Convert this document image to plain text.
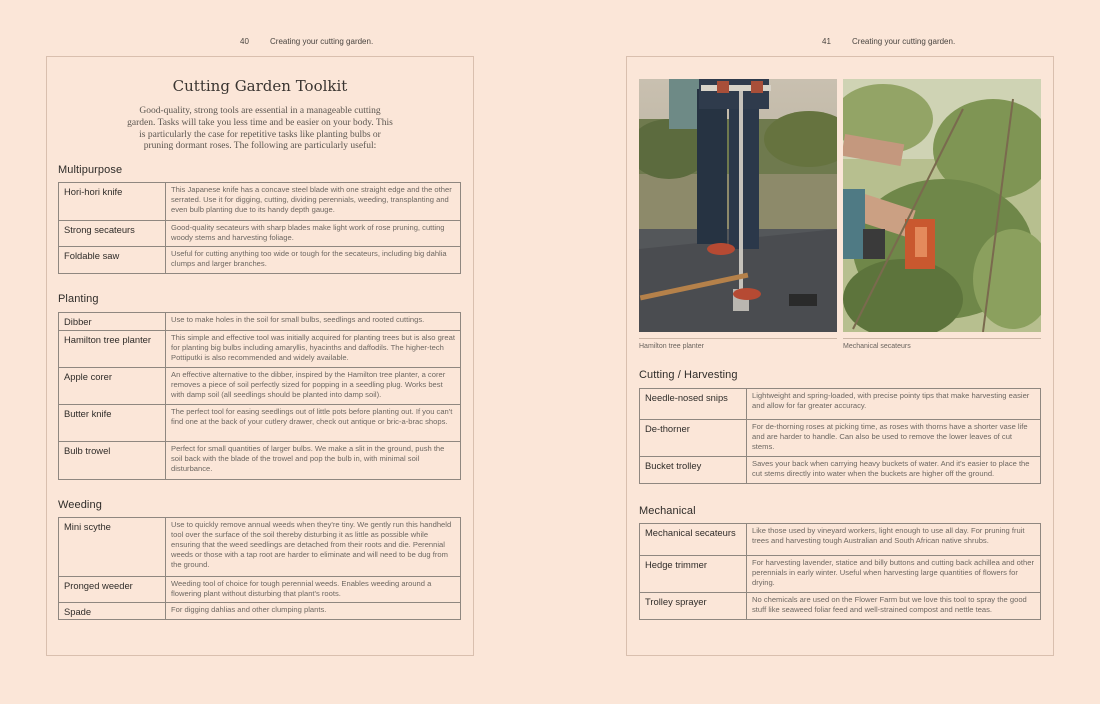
40	Creating your cutting garden.	41	Creating your cutting garden.
Cutting Garden Toolkit

Good-quality, strong tools are essential in a manageable cutting garden. Tasks will take you less time and be easier on your body. This is particularly the case for repetitive tasks like planting bulbs or pruning dormant roses. The following are particularly useful:

Multipurpose
Hori-hori knife	This Japanese knife has a concave steel blade with one straight edge and the other serrated. Use it for digging, cutting, dividing perennials, weeding, transplanting and even bulb planting due to its handy depth gauge.
Strong secateurs	Good-quality secateurs with sharp blades make light work of rose pruning, cutting woody stems and harvesting foliage.
Foldable saw	Useful for cutting anything too wide or tough for the secateurs, including big dahlia clumps and larger branches.
Planting
Dibber	Use to make holes in the soil for small bulbs, seedlings and rooted cuttings.
Hamilton tree planter	This simple and effective tool was initially acquired for planting trees but is also great for planting big bulbs including amaryllis, hyacinths and daffodils. The higher-tech Pottiputki is also recommended and widely available.
Apple corer	An effective alternative to the dibber, inspired by the Hamilton tree planter, a corer removes a piece of soil perfectly sized for popping in a seedling plug. Works best with damp soil (all seedlings should be planted into damp soil).
Butter knife	The perfect tool for easing seedlings out of little pots before planting out. If you can't find one at the back of your cutlery drawer, check out antique or bric-a-brac shops.
Bulb trowel	Perfect for small quantities of larger bulbs. We make a slit in the ground, push the soil back with the blade of the trowel and pop the bulb in, with minimal soil disturbance.
Weeding
Mini scythe	Use to quickly remove annual weeds when they're tiny. We gently run this handheld tool over the surface of the soil thereby disturbing it as little as possible while ensuring that the weed seedlings are detached from their roots and die. Perennial weeds or those with a tap root are harder to eliminate and will need to be dug from the ground.
Pronged weeder	Weeding tool of choice for tough perennial weeds. Enables weeding around a flowering plant without disturbing that plant's roots.
Spade	For digging dahlias and other clumping plants.
Hamilton tree planter	Mechanical secateurs
Cutting / Harvesting
Needle-nosed snips	Lightweight and spring-loaded, with precise pointy tips that make harvesting easier and allow for far greater accuracy.
De-thorner	For de-thorning roses at picking time, as roses with thorns have a shorter vase life and are harder to handle. Can also be used to remove the lower leaves of cut stems.
Bucket trolley	Saves your back when carrying heavy buckets of water. And it's easier to place the cut stems directly into water when the buckets are higher off the ground.
Mechanical
Mechanical secateurs	Like those used by vineyard workers, light enough to use all day. For pruning fruit trees and harvesting tough Australian and South African native shrubs.
Hedge trimmer	For harvesting lavender, statice and billy buttons and cutting back achillea and other perennials in early winter. Useful when harvesting large quantities of flowers for drying.
Trolley sprayer	No chemicals are used on the Flower Farm but we love this tool to spray the good stuff like seaweed foliar feed and well-strained compost and nettle teas.
